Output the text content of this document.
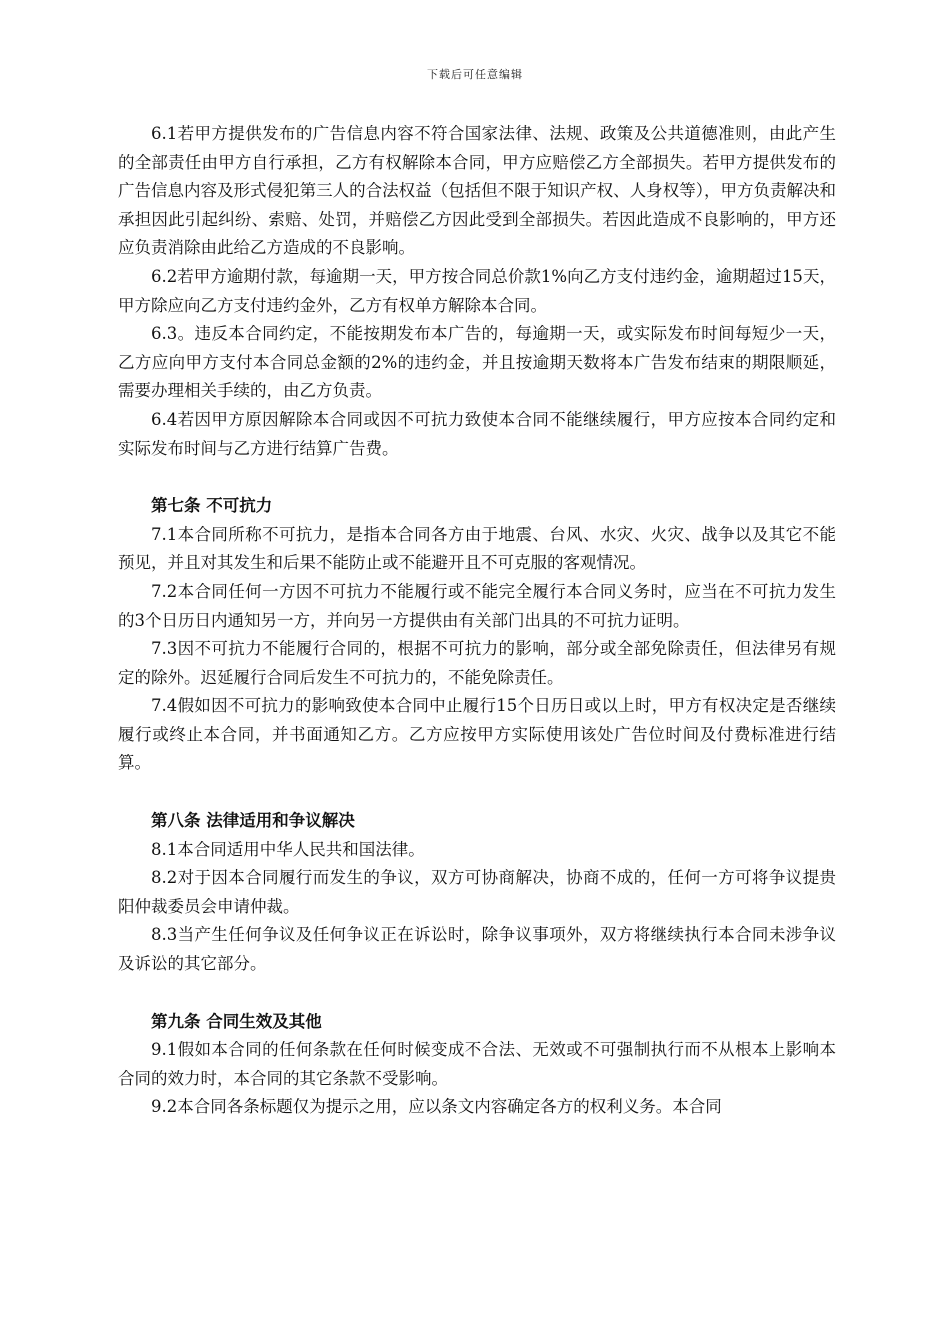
下载后可任意编辑

6.1若甲方提供发布的广告信息内容不符合国家法律、法规、政策及公共道德准则，由此产生的全部责任由甲方自行承担，乙方有权解除本合同，甲方应赔偿乙方全部损失。若甲方提供发布的广告信息内容及形式侵犯第三人的合法权益（包括但不限于知识产权、人身权等），甲方负责解决和承担因此引起纠纷、索赔、处罚，并赔偿乙方因此受到全部损失。若因此造成不良影响的，甲方还应负责消除由此给乙方造成的不良影响。

6.2若甲方逾期付款，每逾期一天，甲方按合同总价款1%向乙方支付违约金，逾期超过15天，甲方除应向乙方支付违约金外，乙方有权单方解除本合同。

6.3。违反本合同约定，不能按期发布本广告的，每逾期一天，或实际发布时间每短少一天，乙方应向甲方支付本合同总金额的2%的违约金，并且按逾期天数将本广告发布结束的期限顺延，需要办理相关手续的，由乙方负责。

6.4若因甲方原因解除本合同或因不可抗力致使本合同不能继续履行，甲方应按本合同约定和实际发布时间与乙方进行结算广告费。

第七条 不可抗力

7.1本合同所称不可抗力，是指本合同各方由于地震、台风、水灾、火灾、战争以及其它不能预见，并且对其发生和后果不能防止或不能避开且不可克服的客观情况。

7.2本合同任何一方因不可抗力不能履行或不能完全履行本合同义务时，应当在不可抗力发生的3个日历日内通知另一方，并向另一方提供由有关部门出具的不可抗力证明。

7.3因不可抗力不能履行合同的，根据不可抗力的影响，部分或全部免除责任，但法律另有规定的除外。迟延履行合同后发生不可抗力的，不能免除责任。

7.4假如因不可抗力的影响致使本合同中止履行15个日历日或以上时，甲方有权决定是否继续履行或终止本合同，并书面通知乙方。乙方应按甲方实际使用该处广告位时间及付费标准进行结算。

第八条 法律适用和争议解决

8.1本合同适用中华人民共和国法律。

8.2对于因本合同履行而发生的争议，双方可协商解决，协商不成的，任何一方可将争议提贵阳仲裁委员会申请仲裁。

8.3当产生任何争议及任何争议正在诉讼时，除争议事项外，双方将继续执行本合同未涉争议及诉讼的其它部分。

第九条 合同生效及其他

9.1假如本合同的任何条款在任何时候变成不合法、无效或不可强制执行而不从根本上影响本合同的效力时，本合同的其它条款不受影响。

9.2本合同各条标题仅为提示之用，应以条文内容确定各方的权利义务。本合同
